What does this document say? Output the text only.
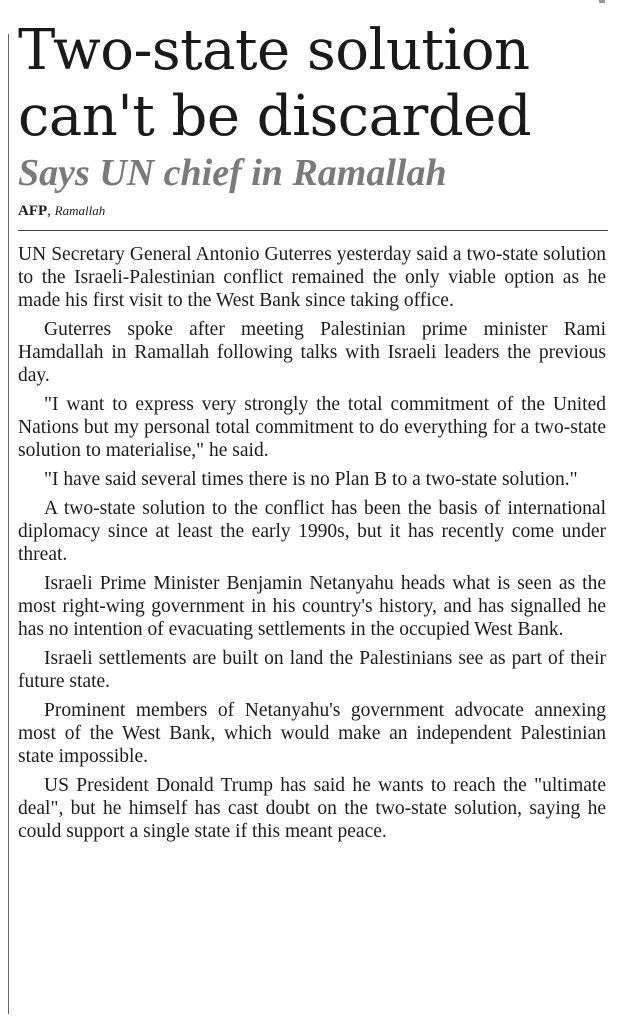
Two-state solution
can't be discarded
Says UN chief in Ramallah
AFP, Ramallah

UN Secretary General Antonio Guterres yesterday said a two-state solution to the Israeli-Palestinian conflict remained the only viable option as he made his first visit to the West Bank since taking office.

Guterres spoke after meeting Palestinian prime minister Rami Hamdallah in Ramallah following talks with Israeli leaders the previous day.

"I want to express very strongly the total commitment of the United Nations but my personal total commitment to do everything for a two-state solution to materialise," he said.

"I have said several times there is no Plan B to a two-state solution."

A two-state solution to the conflict has been the basis of international diplomacy since at least the early 1990s, but it has recently come under threat.

Israeli Prime Minister Benjamin Netanyahu heads what is seen as the most right-wing government in his country's history, and has signalled he has no intention of evacuating settlements in the occupied West Bank.

Israeli settlements are built on land the Palestinians see as part of their future state.

Prominent members of Netanyahu's government advocate annexing most of the West Bank, which would make an independent Palestinian state impossible.

US President Donald Trump has said he wants to reach the "ultimate deal", but he himself has cast doubt on the two-state solution, saying he could support a single state if this meant peace.
